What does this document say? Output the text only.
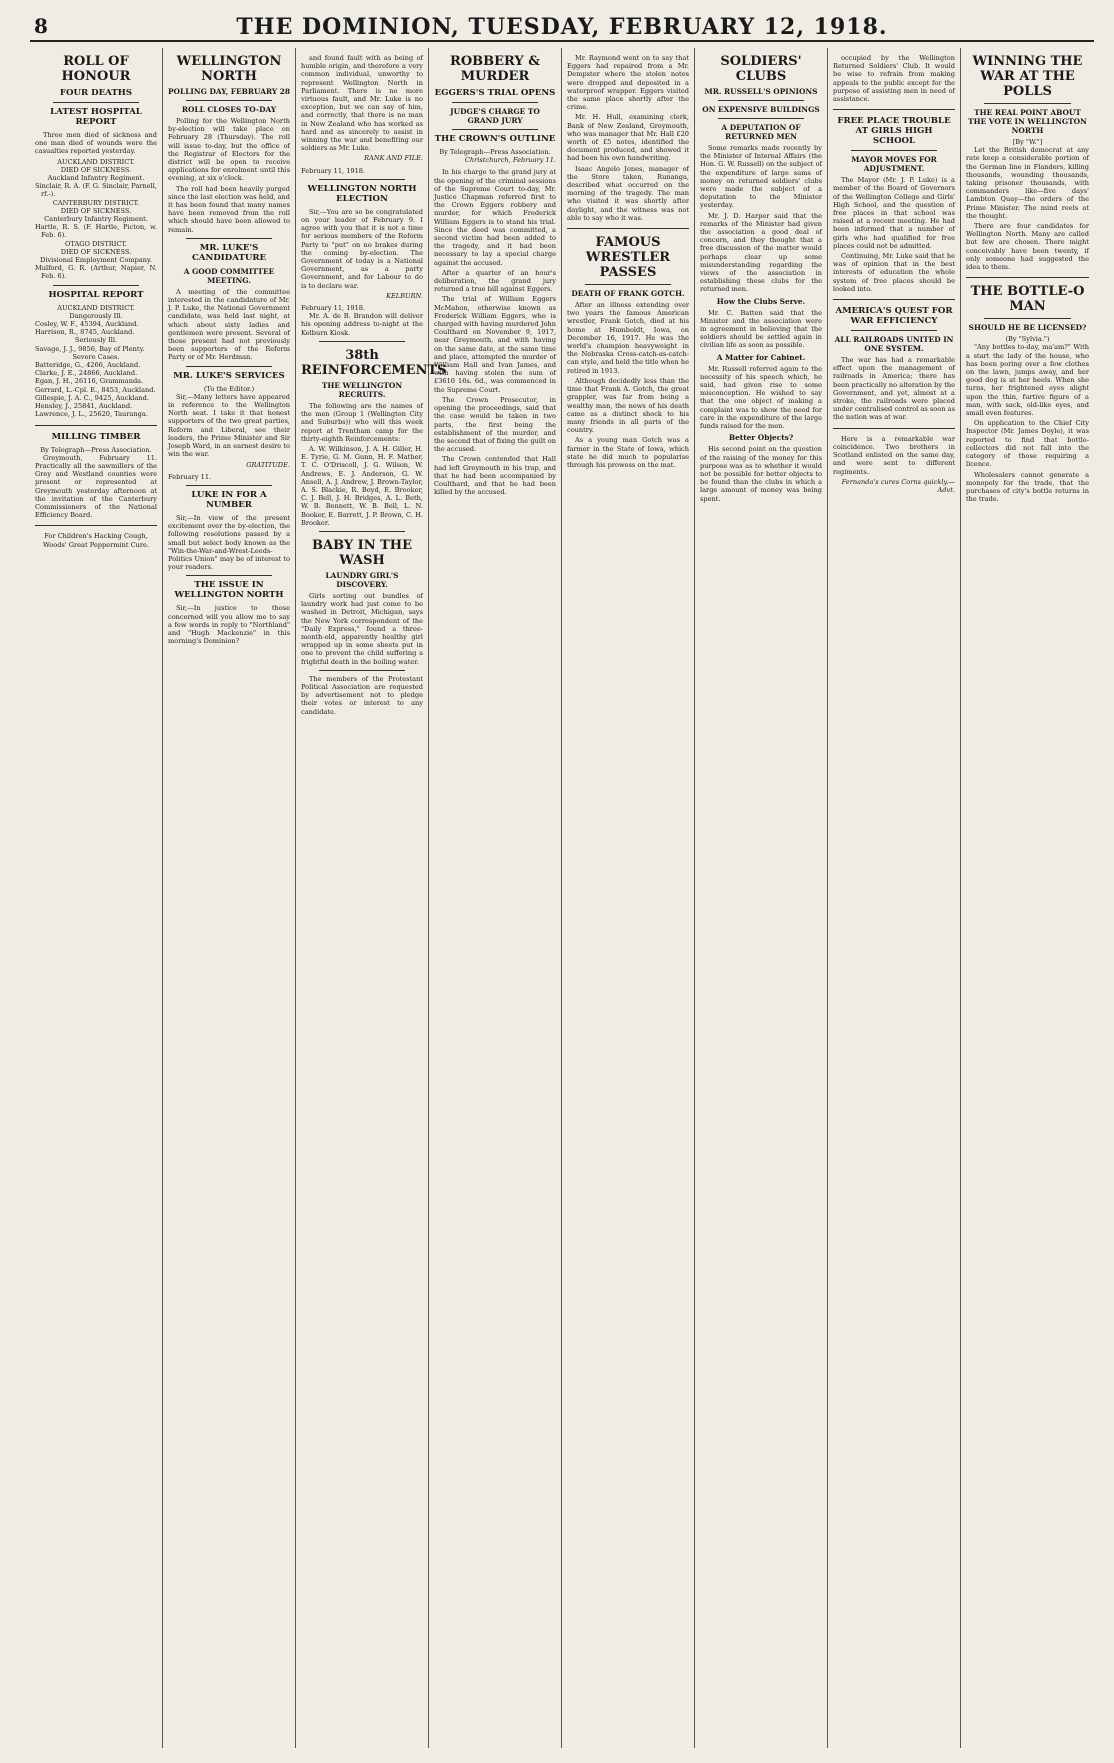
8	THE DOMINION, TUESDAY, FEBRUARY 12, 1918.
ROLL OF HONOUR
FOUR DEATHS
LATEST HOSPITAL REPORT
Three men died of sickness and one man died of wounds were the casualties reported yesterday.
AUCKLAND DISTRICT.
DIED OF SICKNESS.
Auckland Infantry Regiment.
Sinclair, R. A. (F. G. Sinclair, Parnell, rf.-).
CANTERBURY DISTRICT.
DIED OF SICKNESS.
Canterbury Infantry Regiment.
Hartle, R. S. (F. Hartle, Picton, w. Feb. 6).
OTAGO DISTRICT.
DIED OF SICKNESS.
Divisional Employment Company.
Mulford, G. R. (Arthur, Napier, N. Feb. 6).
HOSPITAL REPORT
AUCKLAND DISTRICT.
Dangerously Ill.
Cosley, W. F., 45394, Auckland.
Harrison, R., 8745, Auckland.
Seriously Ill.
Savage, J. J., 9856, Bay of Plenty.
Severe Cases.
Batteridge, G., 4266, Auckland.
Clarke, J. E., 24866, Auckland.
Egan, J. H., 26116, Grammanda.
Gerrard, L.-Cpl. E., 8453, Auckland.
Gillespie, J. A. C., 9425, Auckland.
Hensley, J., 25841, Auckland.
Lawrence, J. L., 25620, Tauranga.
MILLING TIMBER
By Telegraph—Press Association.
Greymouth, February 11. Practically all the sawmillers of the Grey and Westland counties were present or represented at Greymouth yesterday afternoon at the invitation of the Canterbury Commissioners of the National Efficiency Board.
For Children's Hacking Cough, Woods' Great Peppermint Cure.
WELLINGTON NORTH
POLLING DAY, FEBRUARY 28
ROLL CLOSES TO-DAY
Polling for the Wellington North by-election will take place on February 28 (Thursday). The roll will issue to-day, but the office of the Registrar of Electors for the district will be open to receive applications for enrolment until this evening, at six o'clock.
The roll had been heavily purged since the last election was held, and it has been found that many names have been removed from the roll which should have been allowed to remain.
MR. LUKE'S CANDIDATURE
A GOOD COMMITTEE MEETING.
A meeting of the committee interested in the candidature of Mr. J. P. Luke, the National Government candidate, was held last night, at which about sixty ladies and gentlemen were present. Several of those present had not previously been supporters of the Reform Party or of Mr. Herdman.
MR. LUKE'S SERVICES
(To the Editor.)
Sir,—Many letters have appeared in reference to the Wellington North seat. I take it that honest supporters of the two great parties, Reform and Liberal, see their leaders, the Prime Minister and Sir Joseph Ward, in an earnest desire to win the war.
GRATITUDE.
February 11.
LUKE IN FOR A NUMBER
Sir,—In view of the present excitement over the by-election, the following resolutions passed by a small but select body known as the "Win-the-War-and-Wrest-Leeds-Politics Union" may be of interest to your readers.
THE ISSUE IN WELLINGTON NORTH
Sir,—In justice to those concerned will you allow me to say a few words in reply to "Northland" and "Hugh Mackenzie" in this morning's Dominion?
and found fault with as being of humble origin, and therefore a very common individual, unworthy to represent Wellington North in Parliament. There is no more virtuous fault, and Mr. Luke is no exception, but we can say of him, and correctly, that there is no man in New Zealand who has worked as hard and as sincerely to assist in winning the war and benefiting our soldiers as Mr. Luke.
RANK AND FILE.
February 11, 1918.
WELLINGTON NORTH ELECTION
Sir,—You are so be congratulated on your leader of February 9. I agree with you that it is not a time for serious members of the Reform Party to "put" on no brakes during the coming by-election. The Government of today is a National Government, as a party Government, and for Labour to do is to declare war.
KELBURN.
February 11, 1918.
Mr. A. de B. Brandon will deliver his opening address to-night at the Kelburn Kiosk.
38th REINFORCEMENTS
THE WELLINGTON RECRUITS.
The following are the names of the men (Group 1 (Wellington City and Suburbs)) who will this week report at Trentham camp for the thirty-eighth Reinforcements:
A. W. Wilkinson, J. A. H. Giller, H. E. Tyrie, G. M. Gunn, H. F. Mather, T. C. O'Driscoll, J. G. Wilson, W. Andrews, E. J. Anderson, G. W. Ansell, A. J. Andrew, J. Brown-Taylor, A. S. Blackie, R. Boyd, E. Brooker, C. J. Bell, J. H. Bridges, A. L. Beth, W. B. Bennett, W. B. Bell, L. N. Booker, E. Barrett, J. P. Brown, C. H. Brooker.
BABY IN THE WASH
LAUNDRY GIRL'S DISCOVERY.
Girls sorting out bundles of laundry work had just come to be washed in Detroit, Michigan, says the New York correspondent of the "Daily Express," found a three-month-old, apparently healthy girl wrapped up in some sheets put in one to prevent the child suffering a frightful death in the boiling water.
The members of the Protestant Political Association are requested by advertisement not to pledge their votes or interest to any candidate.
ROBBERY & MURDER
EGGERS'S TRIAL OPENS
JUDGE'S CHARGE TO GRAND JURY
THE CROWN'S OUTLINE
By Telegraph—Press Association.
Christchurch, February 11.
In his charge to the grand jury at the opening of the criminal sessions of the Supreme Court to-day, Mr. Justice Chapman referred first to the Crown Eggers robbery and murder, for which Frederick William Eggers is to stand his trial. Since the deed was committed, a second victim had been added to the tragedy, and it had been necessary to lay a special charge against the accused.
After a quarter of an hour's deliberation, the grand jury returned a true bill against Eggers.
The trial of William Eggers McMahon, otherwise known as Frederick William Eggers, who is charged with having murdered John Coulthard on November 9, 1917, near Greymouth, and with having on the same date, at the same time and place, attempted the murder of William Hall and Ivan James, and with having stolen the sum of £3610 16s. 6d., was commenced in the Supreme Court.
The Crown Prosecutor, in opening the proceedings, said that the case would be taken in two parts, the first being the establishment of the murder, and the second that of fixing the guilt on the accused.
The Crown contended that Hall had left Greymouth in his trap, and that he had been accompanied by Coulthard, and that he had been killed by the accused.
Mr. Raymond went on to say that Eggers had repaired from a Mr. Dempster where the stolen notes were dropped and deposited in a waterproof wrapper. Eggers visited the same place shortly after the crime.
Mr. H. Hull, examining clerk, Bank of New Zealand, Greymouth, who was manager that Mr. Hall £20 worth of £5 notes, identified the document produced, and showed it had been his own handwriting.
Isaac Angelo Jones, manager of the Store taken, Runanga, described what occurred on the morning of the tragedy. The man who visited it was shortly after daylight, and the witness was not able to say who it was.
FAMOUS WRESTLER PASSES
DEATH OF FRANK GOTCH.
After an illness extending over two years the famous American wrestler, Frank Gotch, died at his home at Humboldt, Iowa, on December 16, 1917. He was the world's champion heavyweight in the Nebraska Cross-catch-as-catch-can style, and held the title when he retired in 1913.
Although decidedly less than the time that Frank A. Gotch, the great grappler, was far from being a wealthy man, the news of his death came as a distinct shock to his many friends in all parts of the country.
As a young man Gotch was a farmer in the State of Iowa, which state he did much to popularise through his prowess on the mat.
SOLDIERS' CLUBS
MR. RUSSELL'S OPINIONS
ON EXPENSIVE BUILDINGS
A DEPUTATION OF RETURNED MEN
Some remarks made recently by the Minister of Internal Affairs (the Hon. G. W. Russell) on the subject of the expenditure of large sums of money on returned soldiers' clubs were made the subject of a deputation to the Minister yesterday.
Mr. J. D. Harper said that the remarks of the Minister had given the association a good deal of concern, and they thought that a free discussion of the matter would perhaps clear up some misunderstanding regarding the views of the association in establishing these clubs for the returned men.
How the Clubs Serve.
Mr. C. Batten said that the Minister and the association were in agreement in believing that the soldiers should be settled again in civilian life as soon as possible.
A Matter for Cabinet.
Mr. Russell referred again to the necessity of his speech which, he said, had given rise to some misconception. He wished to say that the one object of making a complaint was to show the need for care in the expenditure of the large funds raised for the men.
Better Objects?
His second point on the question of the raising of the money for this purpose was as to whether it would not be possible for better objects to be found than the clubs in which a large amount of money was being spent.
occupied by the Wellington Returned Soldiers' Club. It would be wise to refrain from making appeals to the public except for the purpose of assisting men in need of assistance.
FREE PLACE TROUBLE AT GIRLS HIGH SCHOOL
MAYOR MOVES FOR ADJUSTMENT.
The Mayor (Mr. J. P. Luke) is a member of the Board of Governors of the Wellington College and Girls' High School, and the question of free places in that school was raised at a recent meeting. He had been informed that a number of girls who had qualified for free places could not be admitted.
Continuing, Mr. Luke said that he was of opinion that in the best interests of education the whole system of free places should be looked into.
AMERICA'S QUEST FOR WAR EFFICIENCY
ALL RAILROADS UNITED IN ONE SYSTEM.
The war has had a remarkable effect upon the management of railroads in America; there has been practically no alteration by the Government, and yet, almost at a stroke, the railroads were placed under centralised control as soon as the nation was at war.
Here is a remarkable war coincidence. Two brothers in Scotland enlisted on the same day, and were sent to different regiments.
Fernanda's cures Corns quickly.—Advt.
WINNING THE WAR AT THE POLLS
THE REAL POINT ABOUT THE VOTE IN WELLINGTON NORTH
[By "W."]
Let the British democrat at any rate keep a considerable portion of the German line in Flanders, killing thousands, wounding thousands, taking prisoner thousands, with commanders like—five days' Lambton Quay—the orders of the Prime Minister. The mind reels at the thought.
There are four candidates for Wellington North. Many are called but few are chosen. There might conceivably have been twenty, if only someone had suggested the idea to them.
THE BOTTLE-O MAN
SHOULD HE BE LICENSED?
(By "Sylvia.")
"Any bottles to-day, ma'am?" With a start the lady of the house, who has been poring over a few clothes on the lawn, jumps away, and her good dog is at her heels. When she turns, her frightened eyes alight upon the thin, furtive figure of a man, with sack, old-like eyes, and small even features.
On application to the Chief City Inspector (Mr. James Doyle), it was reported to find that bottle-collectors did not fall into the category of those requiring a licence.
Wholesalers cannot generate a monopoly for the trade, that the purchases of city's bottle returns in the trade.
